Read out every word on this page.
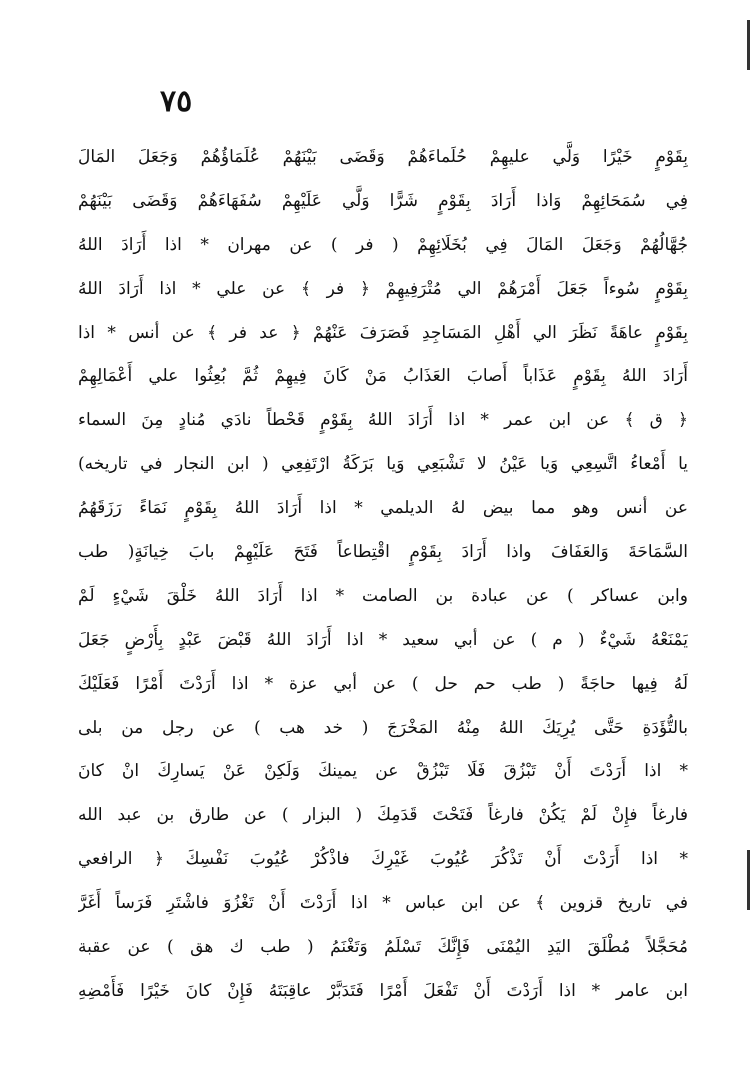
٧٥
بِقَوْمٍ خَيْرًا وَلَّي عليهِمْ حُلَماءَهُمْ وَقَضَى بَيْنَهُمْ عُلَمَاؤُهُمْ وَجَعَلَ المَالَ
فِي سُمَحَائِهِمْ وَاذا أَرَادَ بِقَوْمٍ شَرًّا وَلَّي عَلَيْهِمْ سُفَهَاءَهُمْ وَقَضَى بَيْنَهُمْ
جُهَّالُهُمْ وَجَعَلَ المَالَ فِي بُخَلَائِهِمْ ( فر ) عن مهران * اذا أَرَادَ اللهُ
بِقَوْمٍ سُوءاً جَعَلَ أَمْرَهُمْ الي مُتْرَفِيهِمْ ﴿ فر ﴾ عن علي * اذا أَرَادَ اللهُ
بِقَوْمٍ عاهَةً نَظَرَ الي أَهْلِ المَسَاجِدِ فَصَرَفَ عَنْهُمْ ﴿ عد فر ﴾ عن أنس * اذا
أَرَادَ اللهُ بِقَوْمٍ عَذَاباً أَصابَ العَذَابُ مَنْ كَانَ فِيهِمْ ثُمَّ بُعِثُوا علي أَعْمَالِهِمْ
﴿ ق ﴾ عن ابن عمر * اذا أَرَادَ اللهُ بِقَوْمٍ قَحْطاً نادَي مُنادٍ مِنَ السماء
يا أَمْعاءُ اتَّسِعِي وَيا عَيْنُ لا تَشْبَعِي وَيا بَرَكَةُ ارْتَفِعِي ( ابن النجار في تاريخه)
عن أنس وهو مما بيض لهُ الديلمي * اذا أَرَادَ اللهُ بِقَوْمٍ نَمَاءً رَزَقَهُمُ
السَّمَاحَةَ وَالعَفَافَ واذا أَرَادَ بِقَوْمٍ اقْتِطاعاً فَتَحَ عَلَيْهِمْ بابَ خِيانَةٍ( طب
وابن عساكر ) عن عبادة بن الصامت * اذا أَرَادَ اللهُ خَلْقَ شَيْءٍ لَمْ
يَمْنَعْهُ شَيْءٌ ( م ) عن أبي سعيد * اذا أَرَادَ اللهُ قَبْضَ عَبْدٍ بِأَرْضٍ جَعَلَ
لَهُ فِيها حاجَةً ( طب حم حل ) عن أبي عزة * اذا أَرَدْتَ أَمْرًا فَعَلَيْكَ
بالتُّؤَدَةِ حَتَّى يُرِيَكَ اللهُ مِنْهُ المَخْرَجَ ( خد هب ) عن رجل من بلى
* اذا أَرَدْتَ أَنْ تَبْزُقَ فَلَا تَبْزُقْ عن يمينكَ وَلَكِنْ عَنْ يَسارِكَ انْ كانَ
فارغاً فإِنْ لَمْ يَكُنْ فارغاً فَتَحْتَ قَدَمِكَ ( البزار ) عن طارق بن عبد الله
* اذا أَرَدْتَ أَنْ تَذْكُرَ عُيُوبَ غَيْرِكَ فاذْكُرْ عُيُوبَ نَفْسِكَ ﴿ الرافعي
في تاريخ قزوين ﴾ عن ابن عباس * اذا أَرَدْتَ أَنْ تَغْزُوَ فاشْتَرِ فَرَساً أَغَرَّ
مُحَجَّلاً مُطْلَقَ اليَدِ اليُمْنَى فَإِنَّكَ تَسْلَمُ وَتَغْنَمُ ( طب ك هق ) عن عقبة
ابن عامر * اذا أَرَدْتَ أَنْ تَفْعَلَ أَمْرًا فَتَدَبَّرْ عاقِبَتَهُ فَإِنْ كانَ خَيْرًا فَأَمْضِهِ
